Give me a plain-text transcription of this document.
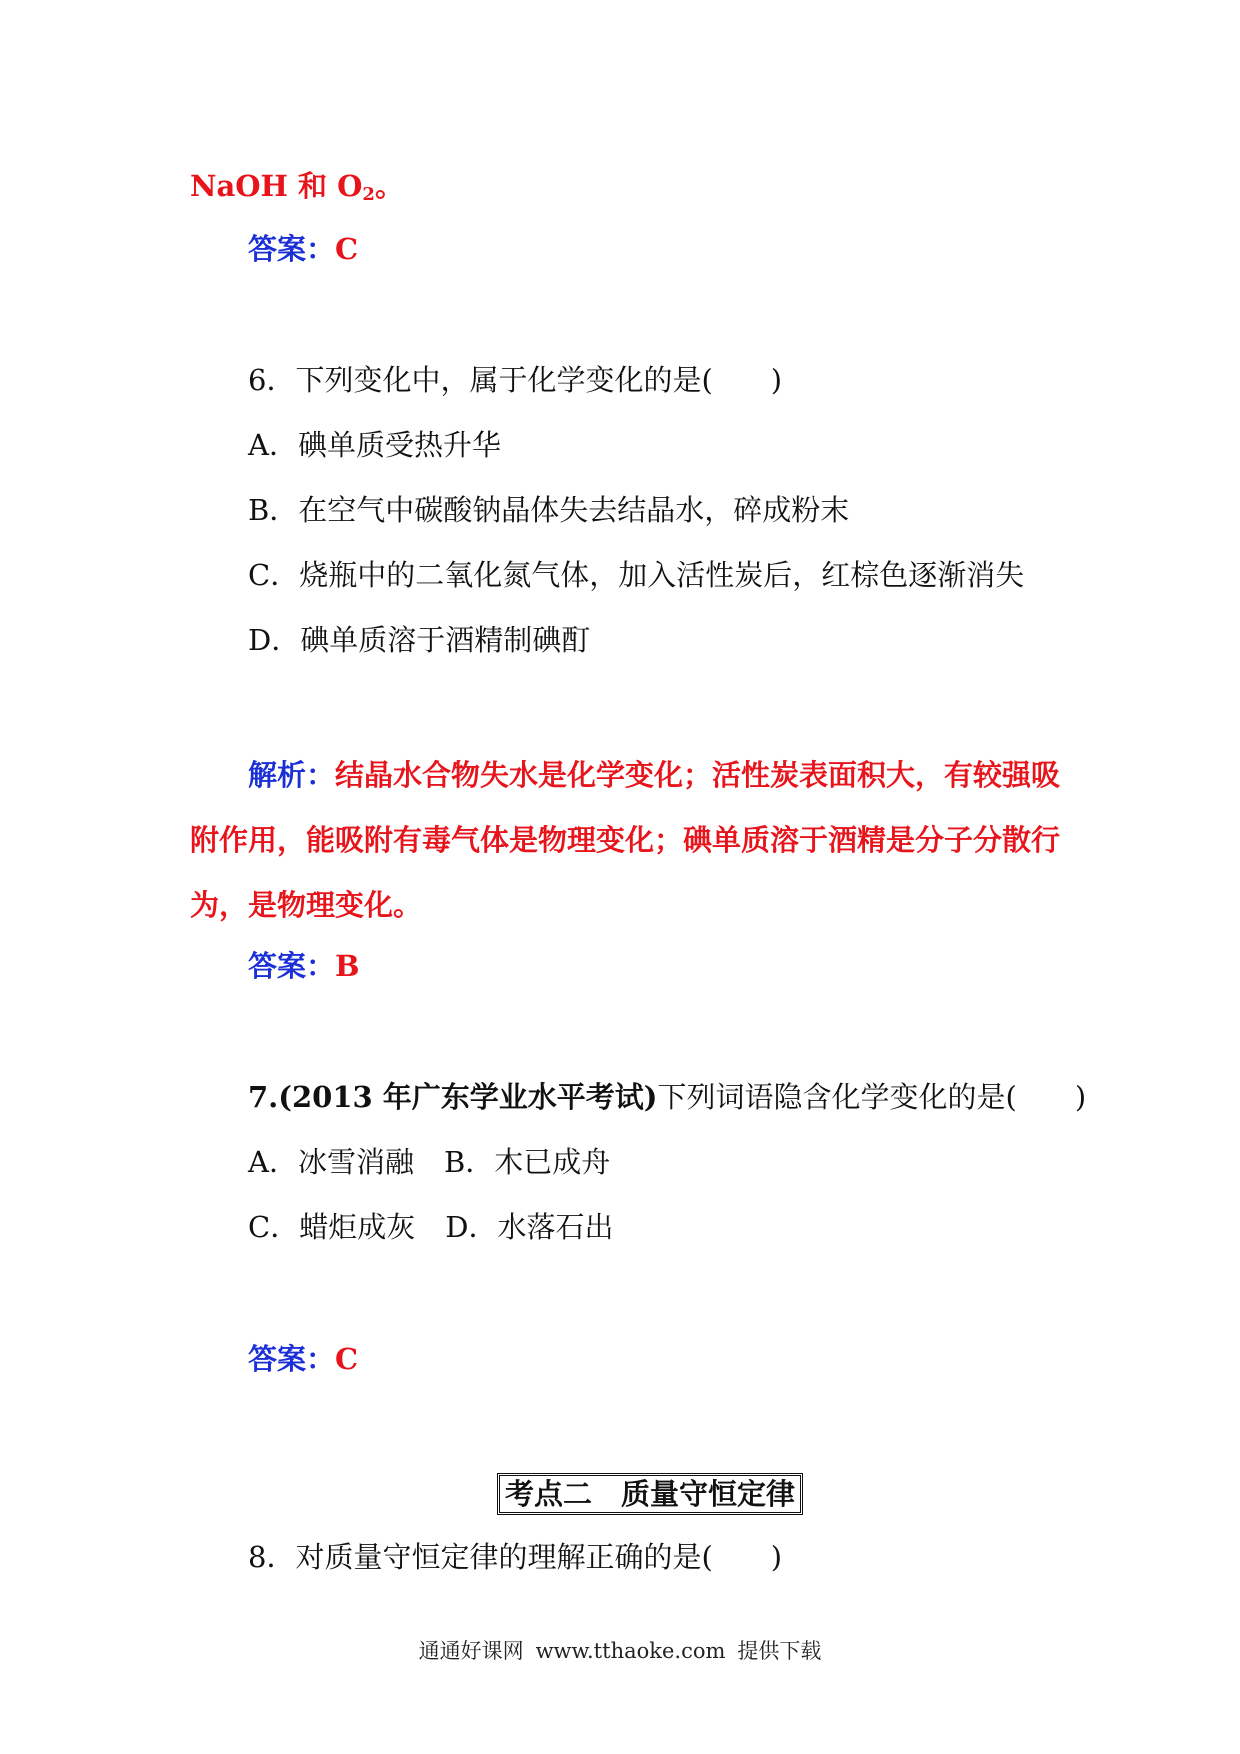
NaOH 和 $O_2$。
答案：C
6．下列变化中，属于化学变化的是( )
A．碘单质受热升华
B．在空气中碳酸钠晶体失去结晶水，碎成粉末
C．烧瓶中的二氧化氮气体，加入活性炭后，红棕色逐渐消失
D．碘单质溶于酒精制碘酊
解析：结晶水合物失水是化学变化；活性炭表面积大，有较强吸附作用，能吸附有毒气体是物理变化；碘单质溶于酒精是分子分散行为，是物理变化。
答案：B
7.(2013 年广东学业水平考试)下列词语隐含化学变化的是( )
A．冰雪消融 B．木已成舟
C．蜡炬成灰 D．水落石出
答案：C
考点二　质量守恒定律
8．对质量守恒定律的理解正确的是( )
通通好课网 www.tthaoke.com 提供下载
